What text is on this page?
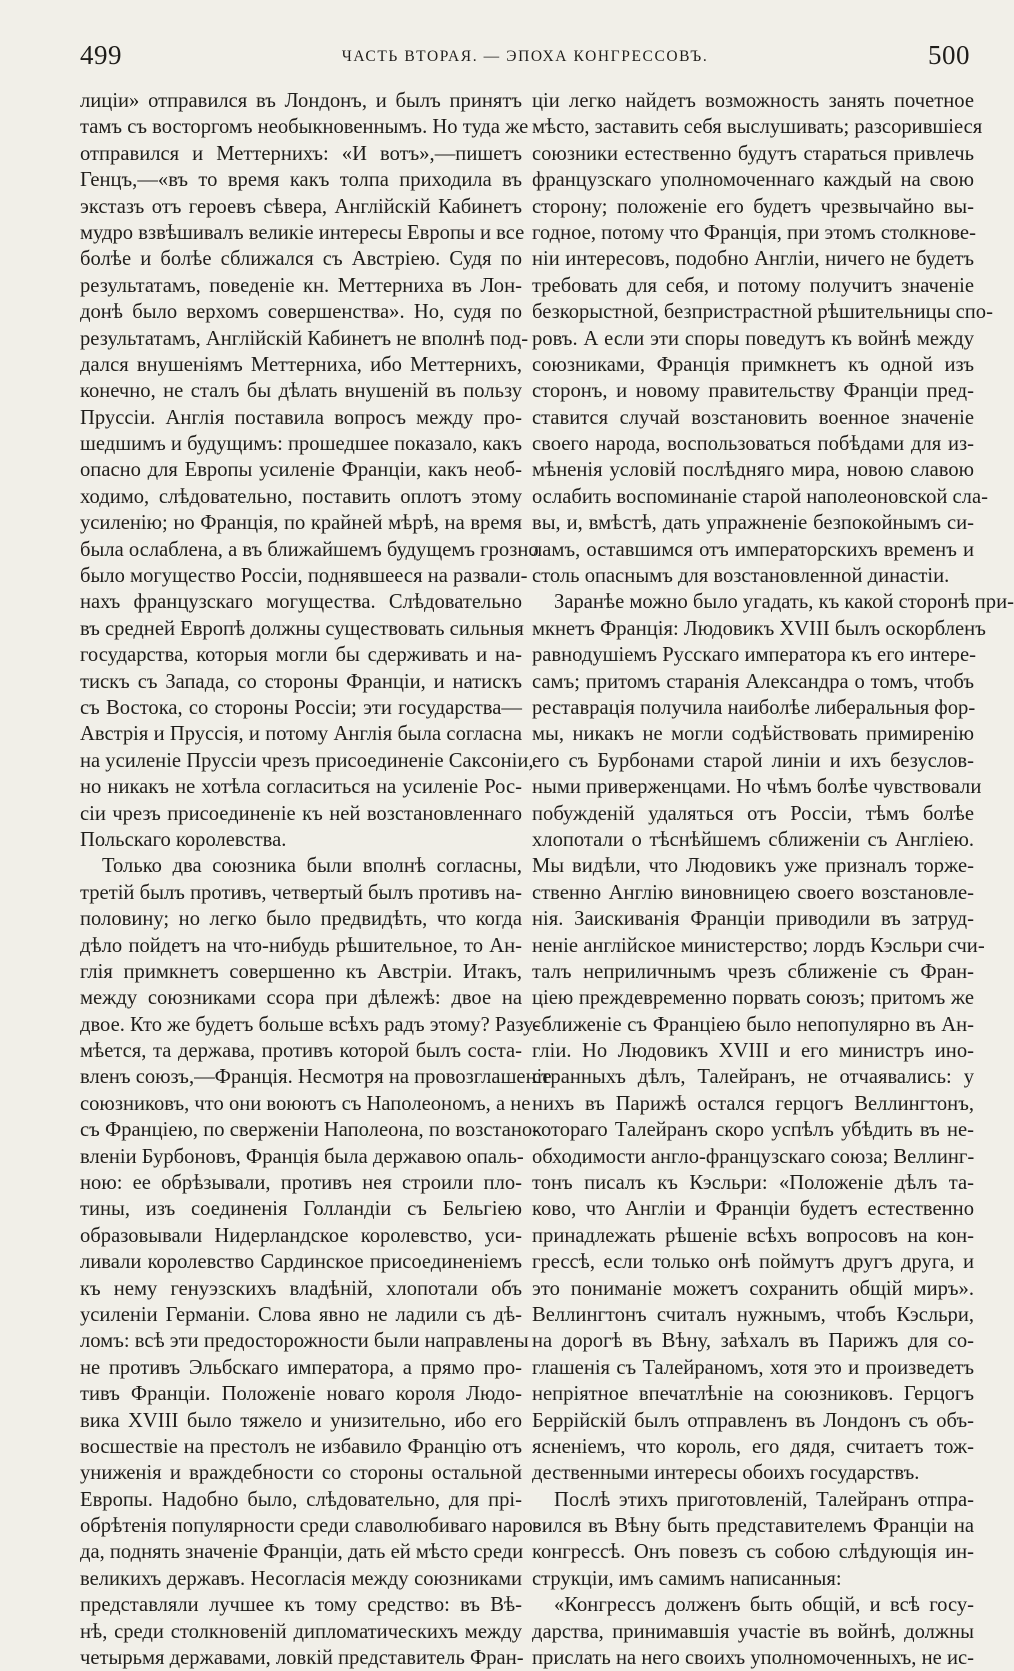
499	ЧАСТЬ ВТОРАЯ. — ЭПОХА КОНГРЕССОВЪ.	500
лиціи» отправился въ Лондонъ, и былъ принятъ
тамъ съ восторгомъ необыкновеннымъ. Но туда же
отправился и Меттернихъ: «И вотъ»,—пишетъ
Генцъ,—«въ то время какъ толпа приходила въ
экстазъ отъ героевъ сѣвера, Англійскій Кабинетъ
мудро взвѣшивалъ великіе интересы Европы и все
болѣе и болѣе сближался съ Австріею. Судя по
результатамъ, поведеніе кн. Меттерниха въ Лон-
донѣ было верхомъ совершенства». Но, судя по
результатамъ, Англійскій Кабинетъ не вполнѣ под-
дался внушеніямъ Меттерниха, ибо Меттернихъ,
конечно, не сталъ бы дѣлать внушеній въ пользу
Пруссіи. Англія поставила вопросъ между про-
шедшимъ и будущимъ: прошедшее показало, какъ
опасно для Европы усиленіе Франціи, какъ необ-
ходимо, слѣдовательно, поставить оплотъ этому
усиленію; но Франція, по крайней мѣрѣ, на время
была ослаблена, а въ ближайшемъ будущемъ грозно
было могущество Россіи, поднявшееся на развали-
нахъ французскаго могущества. Слѣдовательно
въ средней Европѣ должны существовать сильныя
государства, которыя могли бы сдерживать и на-
тискъ съ Запада, со стороны Франціи, и натискъ
съ Востока, со стороны Россіи; эти государства—
Австрія и Пруссія, и потому Англія была согласна
на усиленіе Пруссіи чрезъ присоединеніе Саксоніи,
но никакъ не хотѣла согласиться на усиленіе Рос-
сіи чрезъ присоединеніе къ ней возстановленнаго
Польскаго королевства.
Только два союзника были вполнѣ согласны,
третій былъ противъ, четвертый былъ противъ на-
половину; но легко было предвидѣть, что когда
дѣло пойдетъ на что-нибудь рѣшительное, то Ан-
глія примкнетъ совершенно къ Австріи. Итакъ,
между союзниками ссора при дѣлежѣ: двое на
двое. Кто же будетъ больше всѣхъ радъ этому? Разу-
мѣется, та держава, противъ которой былъ соста-
вленъ союзъ,—Франція. Несмотря на провозглашеніе
союзниковъ, что они воюютъ съ Наполеономъ, а не
съ Франціею, по сверженіи Наполеона, по возстано-
вленіи Бурбоновъ, Франція была державою опаль-
ною: ее обрѣзывали, противъ нея строили пло-
тины, изъ соединенія Голландіи съ Бельгіею
образовывали Нидерландское королевство, уси-
ливали королевство Сардинское присоединеніемъ
къ нему генуэзскихъ владѣній, хлопотали объ
усиленіи Германіи. Слова явно не ладили съ дѣ-
ломъ: всѣ эти предосторожности были направлены
не противъ Эльбскаго императора, а прямо про-
тивъ Франціи. Положеніе новаго короля Людо-
вика XVIII было тяжело и унизительно, ибо его
восшествіе на престолъ не избавило Францію отъ
униженія и враждебности со стороны остальной
Европы. Надобно было, слѣдовательно, для прі-
обрѣтенія популярности среди славолюбиваго наро-
да, поднять значеніе Франціи, дать ей мѣсто среди
великихъ державъ. Несогласія между союзниками
представляли лучшее къ тому средство: въ Вѣ-
нѣ, среди столкновеній дипломатическихъ между
четырьмя державами, ловкій представитель Фран-
ціи легко найдетъ возможность занять почетное
мѣсто, заставить себя выслушивать; разсорившіеся
союзники естественно будутъ стараться привлечь
французскаго уполномоченнаго каждый на свою
сторону; положеніе его будетъ чрезвычайно вы-
годное, потому что Франція, при этомъ столкнове-
ніи интересовъ, подобно Англіи, ничего не будетъ
требовать для себя, и потому получитъ значеніе
безкорыстной, безпристрастной рѣшительницы спо-
ровъ. А если эти споры поведутъ къ войнѣ между
союзниками, Франція примкнетъ къ одной изъ
сторонъ, и новому правительству Франціи пред-
ставится случай возстановить военное значеніе
своего народа, воспользоваться побѣдами для из-
мѣненія условій послѣдняго мира, новою славою
ослабить воспоминаніе старой наполеоновской сла-
вы, и, вмѣстѣ, дать упражненіе безпокойнымъ си-
ламъ, оставшимся отъ императорскихъ временъ и
столь опаснымъ для возстановленной династіи.
Заранѣе можно было угадать, къ какой сторонѣ при-
мкнетъ Франція: Людовикъ XVIII былъ оскорбленъ
равнодушіемъ Русскаго императора къ его интере-
самъ; притомъ старанія Александра о томъ, чтобъ
реставрація получила наиболѣе либеральныя фор-
мы, никакъ не могли содѣйствовать примиренію
его съ Бурбонами старой линіи и ихъ безуслов-
ными приверженцами. Но чѣмъ болѣе чувствовали
побужденій удаляться отъ Россіи, тѣмъ болѣе
хлопотали о тѣснѣйшемъ сближеніи съ Англіею.
Мы видѣли, что Людовикъ уже призналъ торже-
ственно Англію виновницею своего возстановле-
нія. Заискиванія Франціи приводили въ затруд-
неніе англійское министерство; лордъ Кэсльри счи-
талъ неприличнымъ чрезъ сближеніе съ Фран-
ціею преждевременно порвать союзъ; притомъ же
сближеніе съ Франціею было непопулярно въ Ан-
гліи. Но Людовикъ XVIII и его министръ ино-
странныхъ дѣлъ, Талейранъ, не отчаявались: у
нихъ въ Парижѣ остался герцогъ Веллингтонъ,
котораго Талейранъ скоро успѣлъ убѣдить въ не-
обходимости англо-французскаго союза; Веллинг-
тонъ писалъ къ Кэсльри: «Положеніе дѣлъ та-
ково, что Англіи и Франціи будетъ естественно
принадлежать рѣшеніе всѣхъ вопросовъ на кон-
грессѣ, если только онѣ поймутъ другъ друга, и
это пониманіе можетъ сохранить общій миръ».
Веллингтонъ считалъ нужнымъ, чтобъ Кэсльри,
на дорогѣ въ Вѣну, заѣхалъ въ Парижъ для со-
глашенія съ Талейраномъ, хотя это и произведетъ
непріятное впечатлѣніе на союзниковъ. Герцогъ
Беррійскій былъ отправленъ въ Лондонъ съ объ-
ясненіемъ, что король, его дядя, считаетъ тож-
дественными интересы обоихъ государствъ.
Послѣ этихъ приготовленій, Талейранъ отпра-
вился въ Вѣну быть представителемъ Франціи на
конгрессѣ. Онъ повезъ съ собою слѣдующія ин-
струкціи, имъ самимъ написанныя:
«Конгрессъ долженъ быть общій, и всѣ госу-
дарства, принимавшія участіе въ войнѣ, должны
прислать на него своихъ уполномоченныхъ, не ис-
